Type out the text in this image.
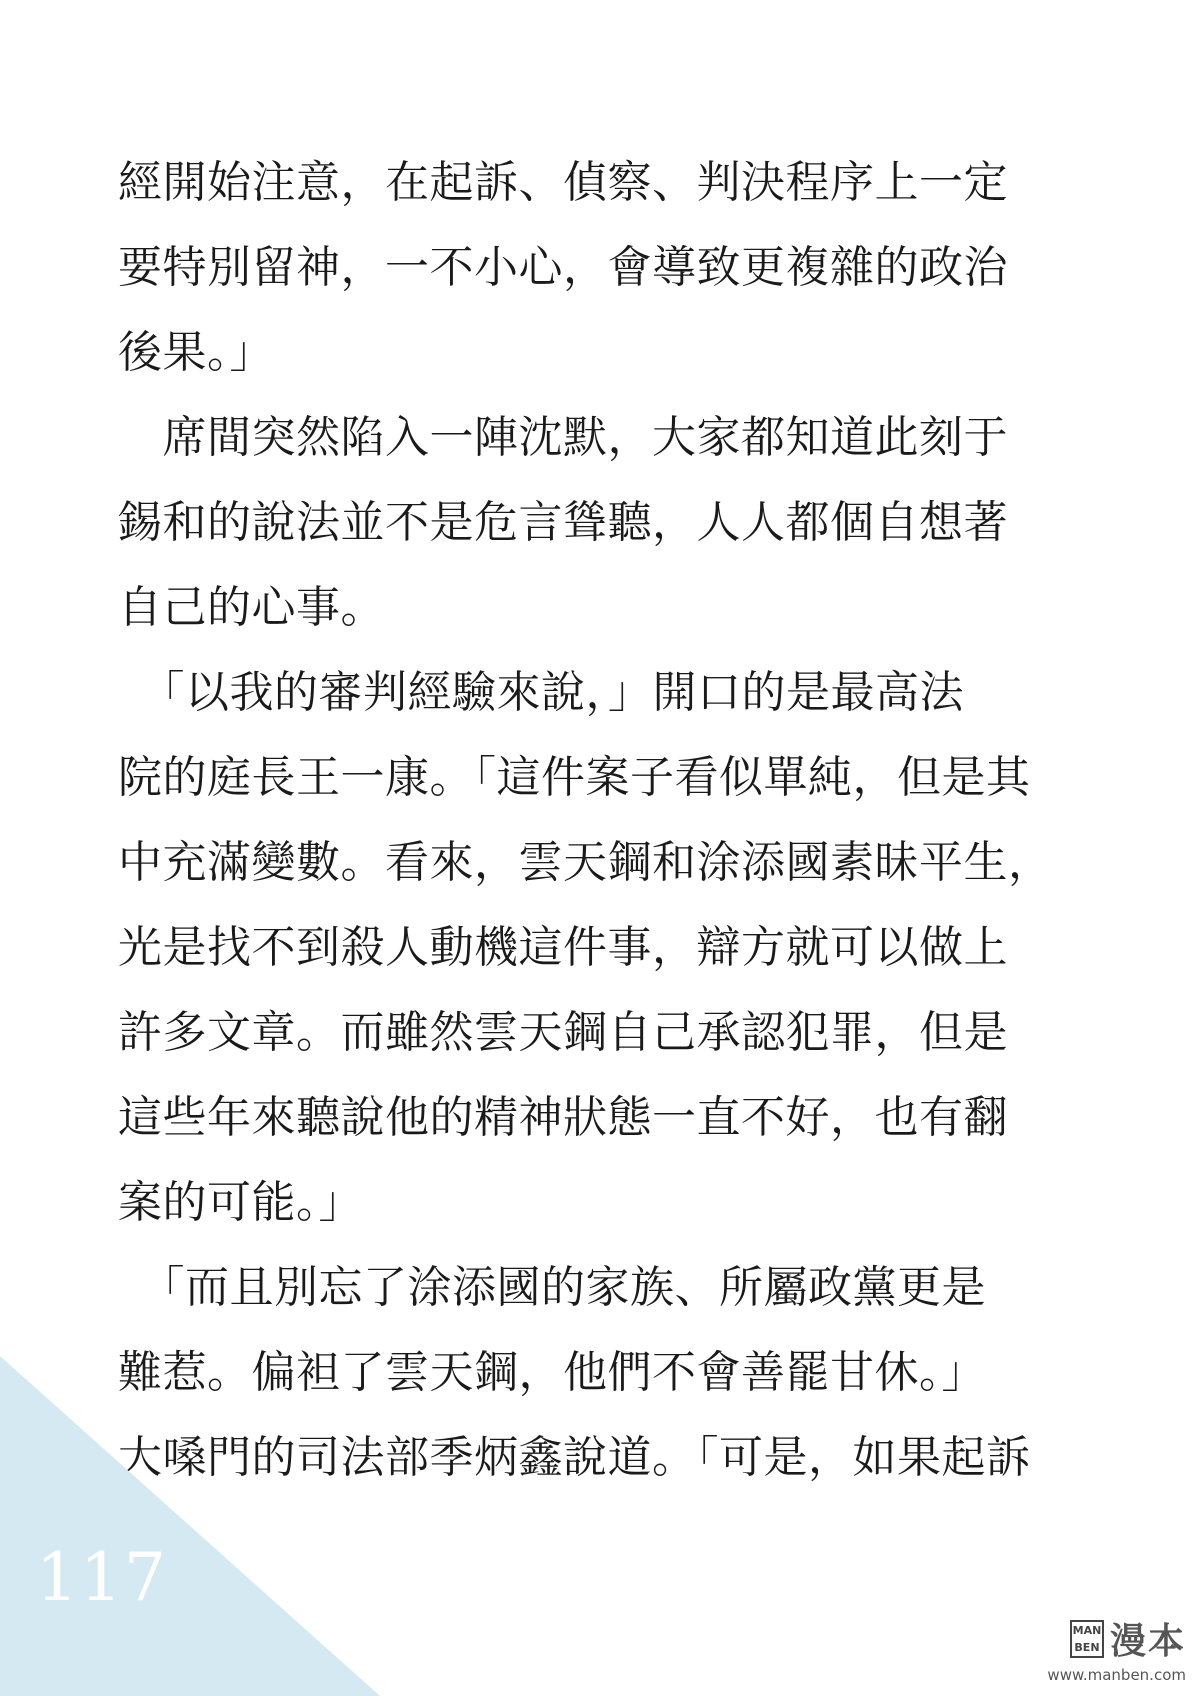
經開始注意，在起訴、偵察、判決程序上一定
要特別留神，一不小心，會導致更複雜的政治
後果。」
　席間突然陷入一陣沈默，大家都知道此刻于
錫和的說法並不是危言聳聽，人人都個自想著
自己的心事。
　「以我的審判經驗來說，」開口的是最高法
院的庭長王一康。「這件案子看似單純，但是其
中充滿變數。看來，雲天鋼和涂添國素昧平生，
光是找不到殺人動機這件事，辯方就可以做上
許多文章。而雖然雲天鋼自己承認犯罪，但是
這些年來聽說他的精神狀態一直不好，也有翻
案的可能。」
　「而且別忘了涂添國的家族、所屬政黨更是
難惹。偏袒了雲天鋼，他們不會善罷甘休。」
大嗓門的司法部季炳鑫說道。「可是，如果起訴
117
MAN BEN 漫本
www.manben.com
